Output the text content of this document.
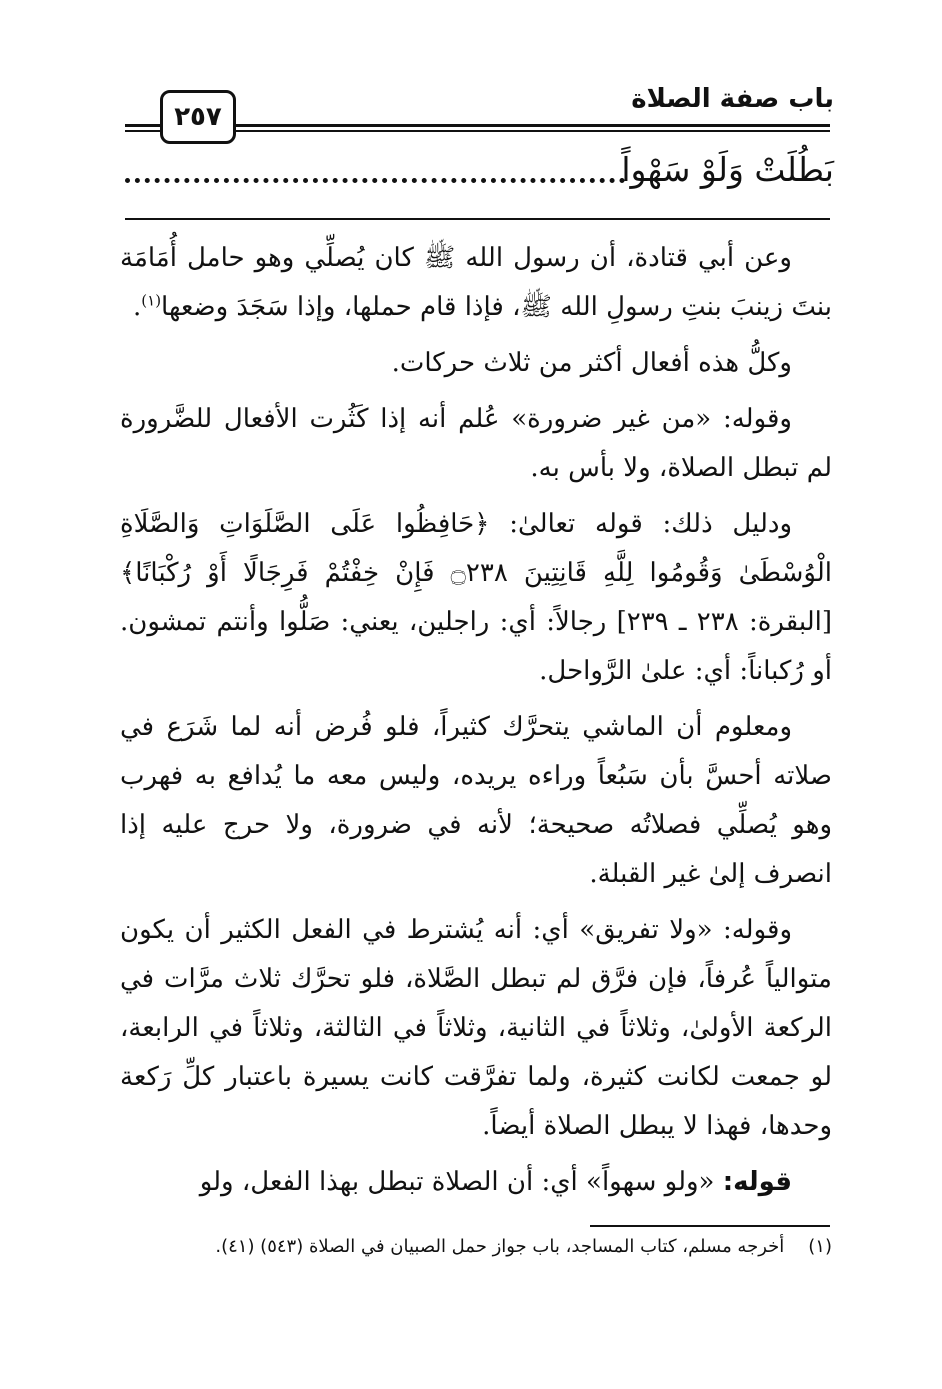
باب صفة الصلاة
٢٥٧
بَطُلَتْ وَلَوْ سَهْواً

وعن أبي قتادة، أن رسول الله ﷺ كان يُصلِّي وهو حامل أُمَامَة بنتَ زينبَ بنتِ رسولِ الله ﷺ، فإذا قام حملها، وإذا سَجَدَ وضعها$^{(١)}$.

وكلُّ هذه أفعال أكثر من ثلاث حركات.

وقوله: «من غير ضرورة» عُلم أنه إذا كَثُرت الأفعال للضَّرورة لم تبطل الصلاة، ولا بأس به.

ودليل ذلك: قوله تعالىٰ: ﴿حَافِظُوا عَلَى الصَّلَوَاتِ وَالصَّلَاةِ الْوُسْطَىٰ وَقُومُوا لِلَّهِ قَانِتِينَ ۝٢٣٨ فَإِنْ خِفْتُمْ فَرِجَالًا أَوْ رُكْبَانًا﴾ [البقرة: ٢٣٨ ـ ٢٣٩] رجالاً: أي: راجلين، يعني: صَلُّوا وأنتم تمشون. أو رُكباناً: أي: علىٰ الرَّواحل.

ومعلوم أن الماشي يتحرَّك كثيراً، فلو فُرض أنه لما شَرَع في صلاته أحسَّ بأن سَبُعاً وراءه يريده، وليس معه ما يُدافع به فهرب وهو يُصلِّي فصلاتُه صحيحة؛ لأنه في ضرورة، ولا حرج عليه إذا انصرف إلىٰ غير القبلة.

وقوله: «ولا تفريق» أي: أنه يُشترط في الفعل الكثير أن يكون متوالياً عُرفاً، فإن فرَّق لم تبطل الصَّلاة، فلو تحرَّك ثلاث مرَّات في الركعة الأولىٰ، وثلاثاً في الثانية، وثلاثاً في الثالثة، وثلاثاً في الرابعة، لو جمعت لكانت كثيرة، ولما تفرَّقت كانت يسيرة باعتبار كلِّ رَكعة وحدها، فهذا لا يبطل الصلاة أيضاً.

قوله: «ولو سهواً» أي: أن الصلاة تبطل بهذا الفعل، ولو

(١)أخرجه مسلم، كتاب المساجد، باب جواز حمل الصبيان في الصلاة (٥٤٣) (٤١).
